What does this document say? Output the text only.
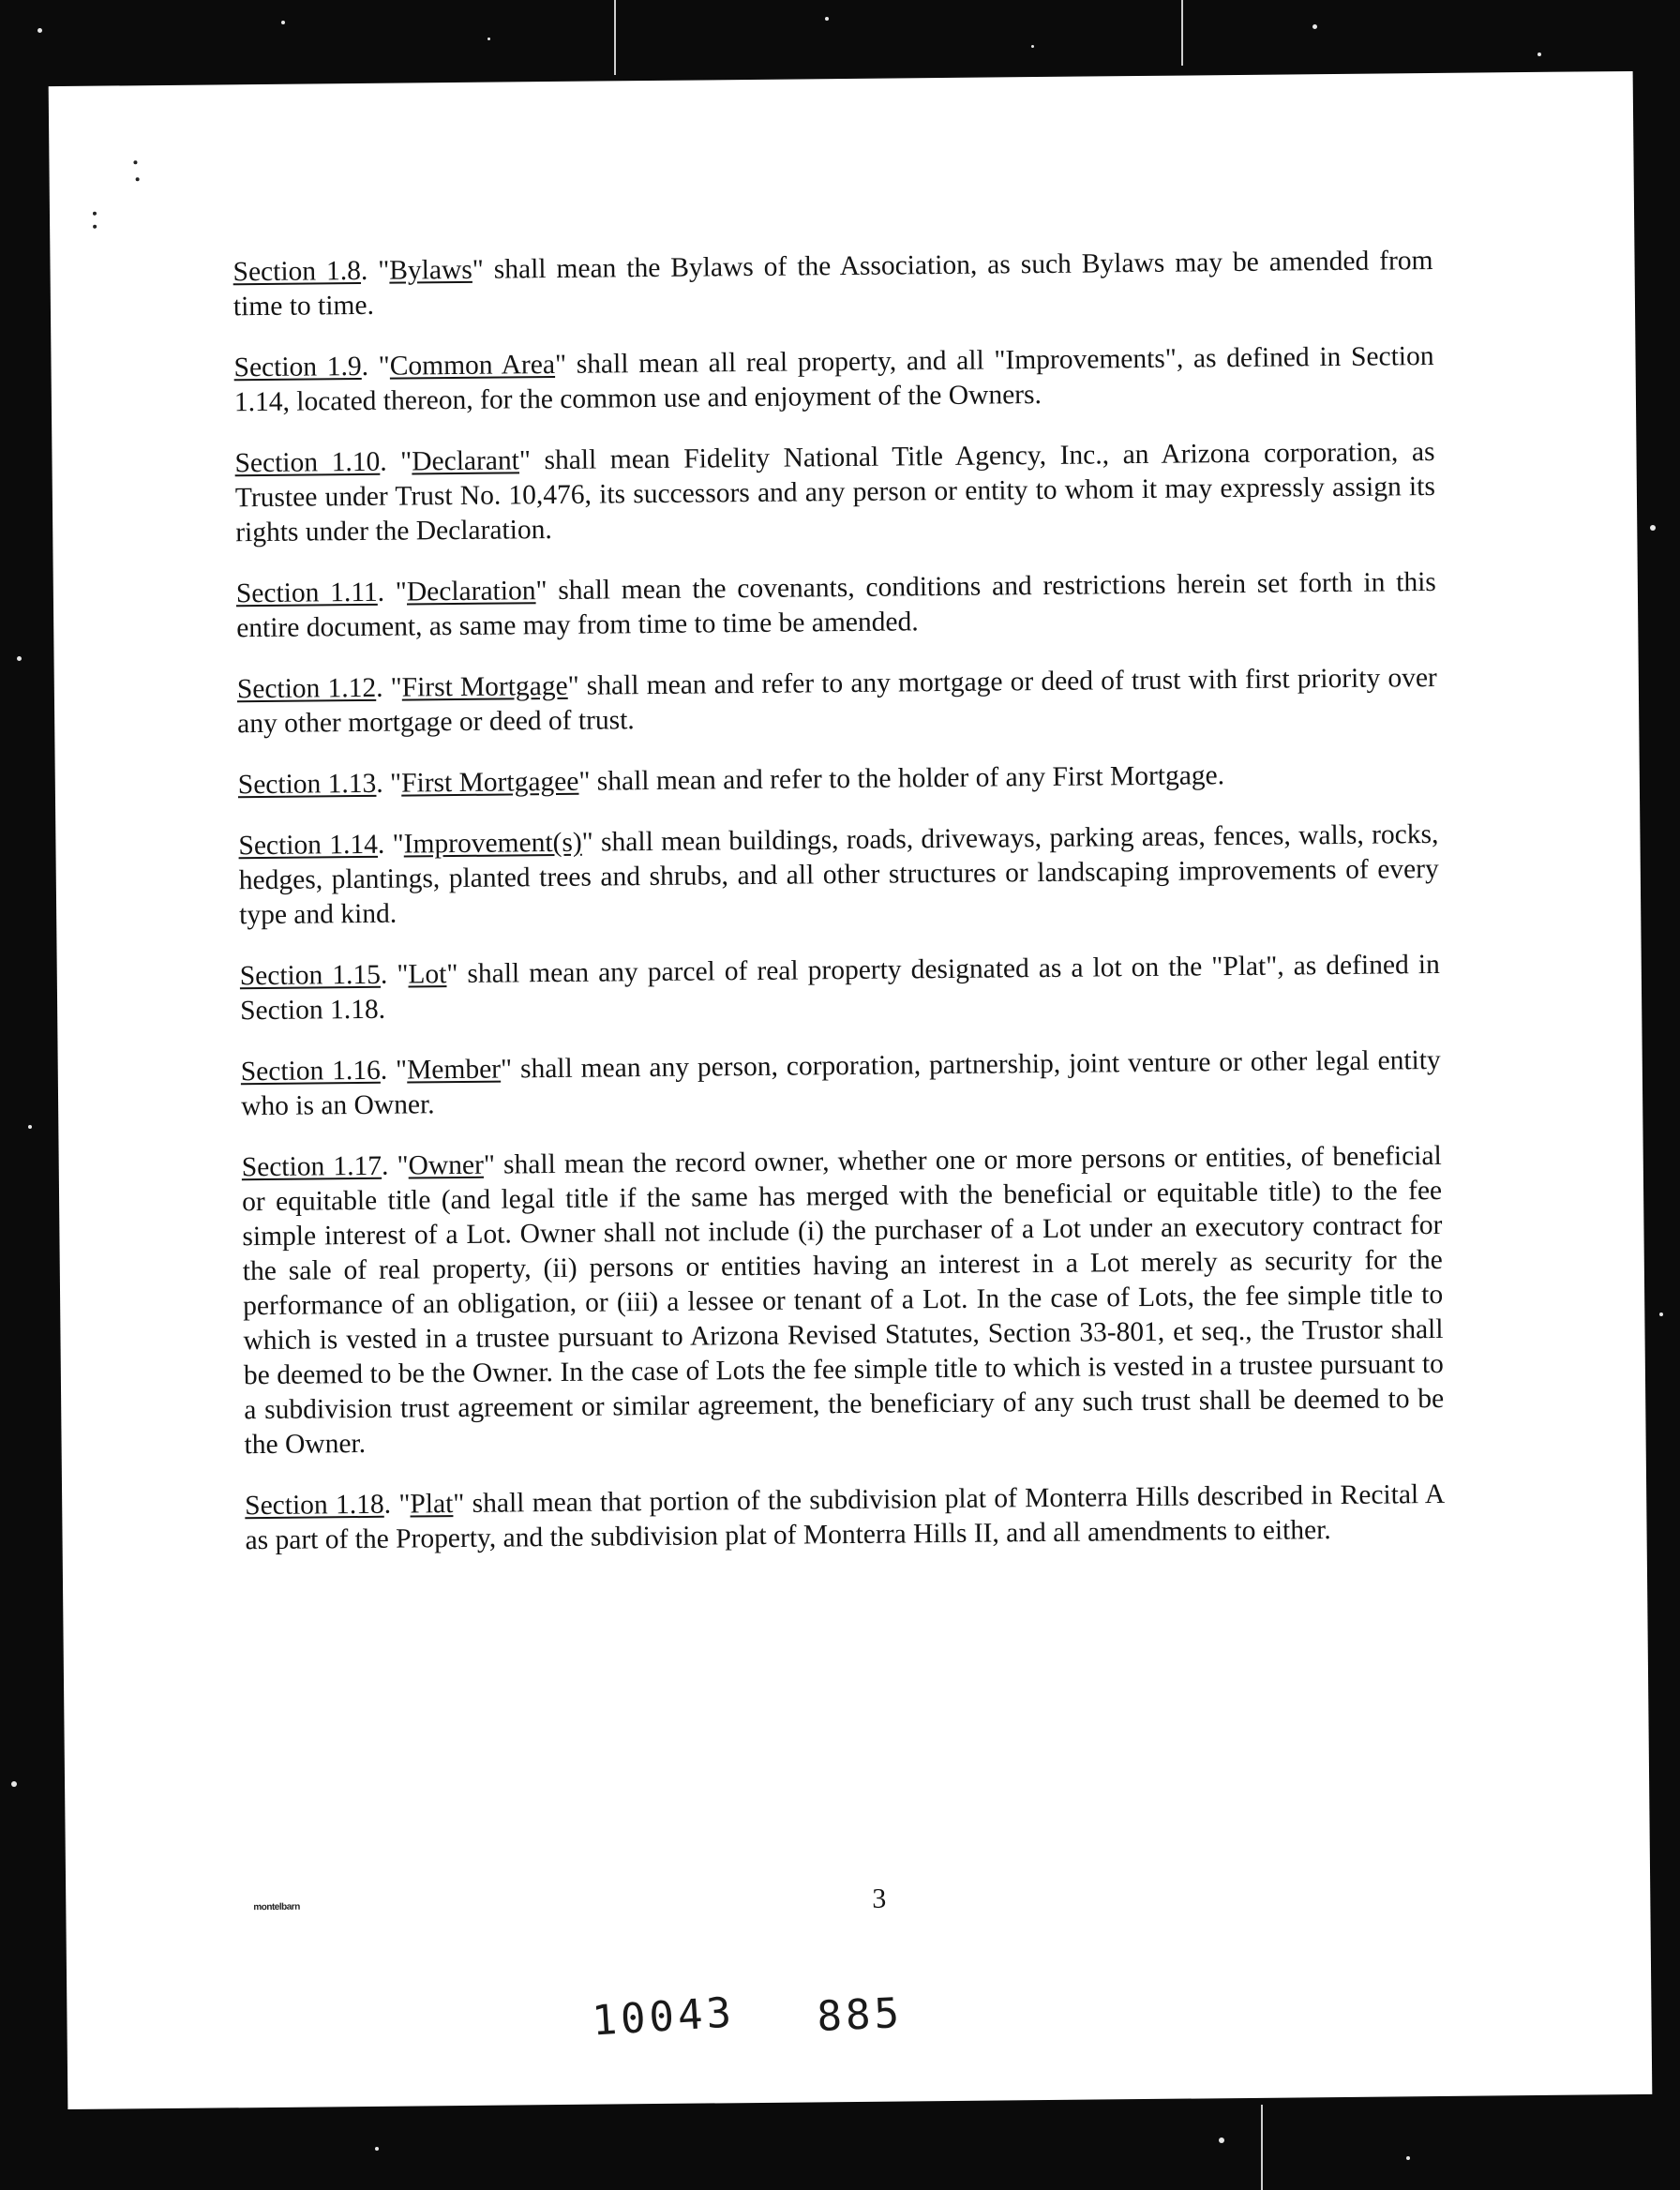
Section 1.8. "Bylaws" shall mean the Bylaws of the Association, as such Bylaws may be amended from time to time.

Section 1.9. "Common Area" shall mean all real property, and all "Improvements", as defined in Section 1.14, located thereon, for the common use and enjoyment of the Owners.

Section 1.10. "Declarant" shall mean Fidelity National Title Agency, Inc., an Arizona corporation, as Trustee under Trust No. 10,476, its successors and any person or entity to whom it may expressly assign its rights under the Declaration.

Section 1.11. "Declaration" shall mean the covenants, conditions and restrictions herein set forth in this entire document, as same may from time to time be amended.

Section 1.12. "First Mortgage" shall mean and refer to any mortgage or deed of trust with first priority over any other mortgage or deed of trust.

Section 1.13. "First Mortgagee" shall mean and refer to the holder of any First Mortgage.

Section 1.14. "Improvement(s)" shall mean buildings, roads, driveways, parking areas, fences, walls, rocks, hedges, plantings, planted trees and shrubs, and all other structures or landscaping improvements of every type and kind.

Section 1.15. "Lot" shall mean any parcel of real property designated as a lot on the "Plat", as defined in Section 1.18.

Section 1.16. "Member" shall mean any person, corporation, partnership, joint venture or other legal entity who is an Owner.

Section 1.17. "Owner" shall mean the record owner, whether one or more persons or entities, of beneficial or equitable title (and legal title if the same has merged with the beneficial or equitable title) to the fee simple interest of a Lot. Owner shall not include (i) the purchaser of a Lot under an executory contract for the sale of real property, (ii) persons or entities having an interest in a Lot merely as security for the performance of an obligation, or (iii) a lessee or tenant of a Lot. In the case of Lots, the fee simple title to which is vested in a trustee pursuant to Arizona Revised Statutes, Section 33-801, et seq., the Trustor shall be deemed to be the Owner. In the case of Lots the fee simple title to which is vested in a trustee pursuant to a subdivision trust agreement or similar agreement, the beneficiary of any such trust shall be deemed to be the Owner.

Section 1.18. "Plat" shall mean that portion of the subdivision plat of Monterra Hills described in Recital A as part of the Property, and the subdivision plat of Monterra Hills II, and all amendments to either.

montelbarn	3
10043 885
